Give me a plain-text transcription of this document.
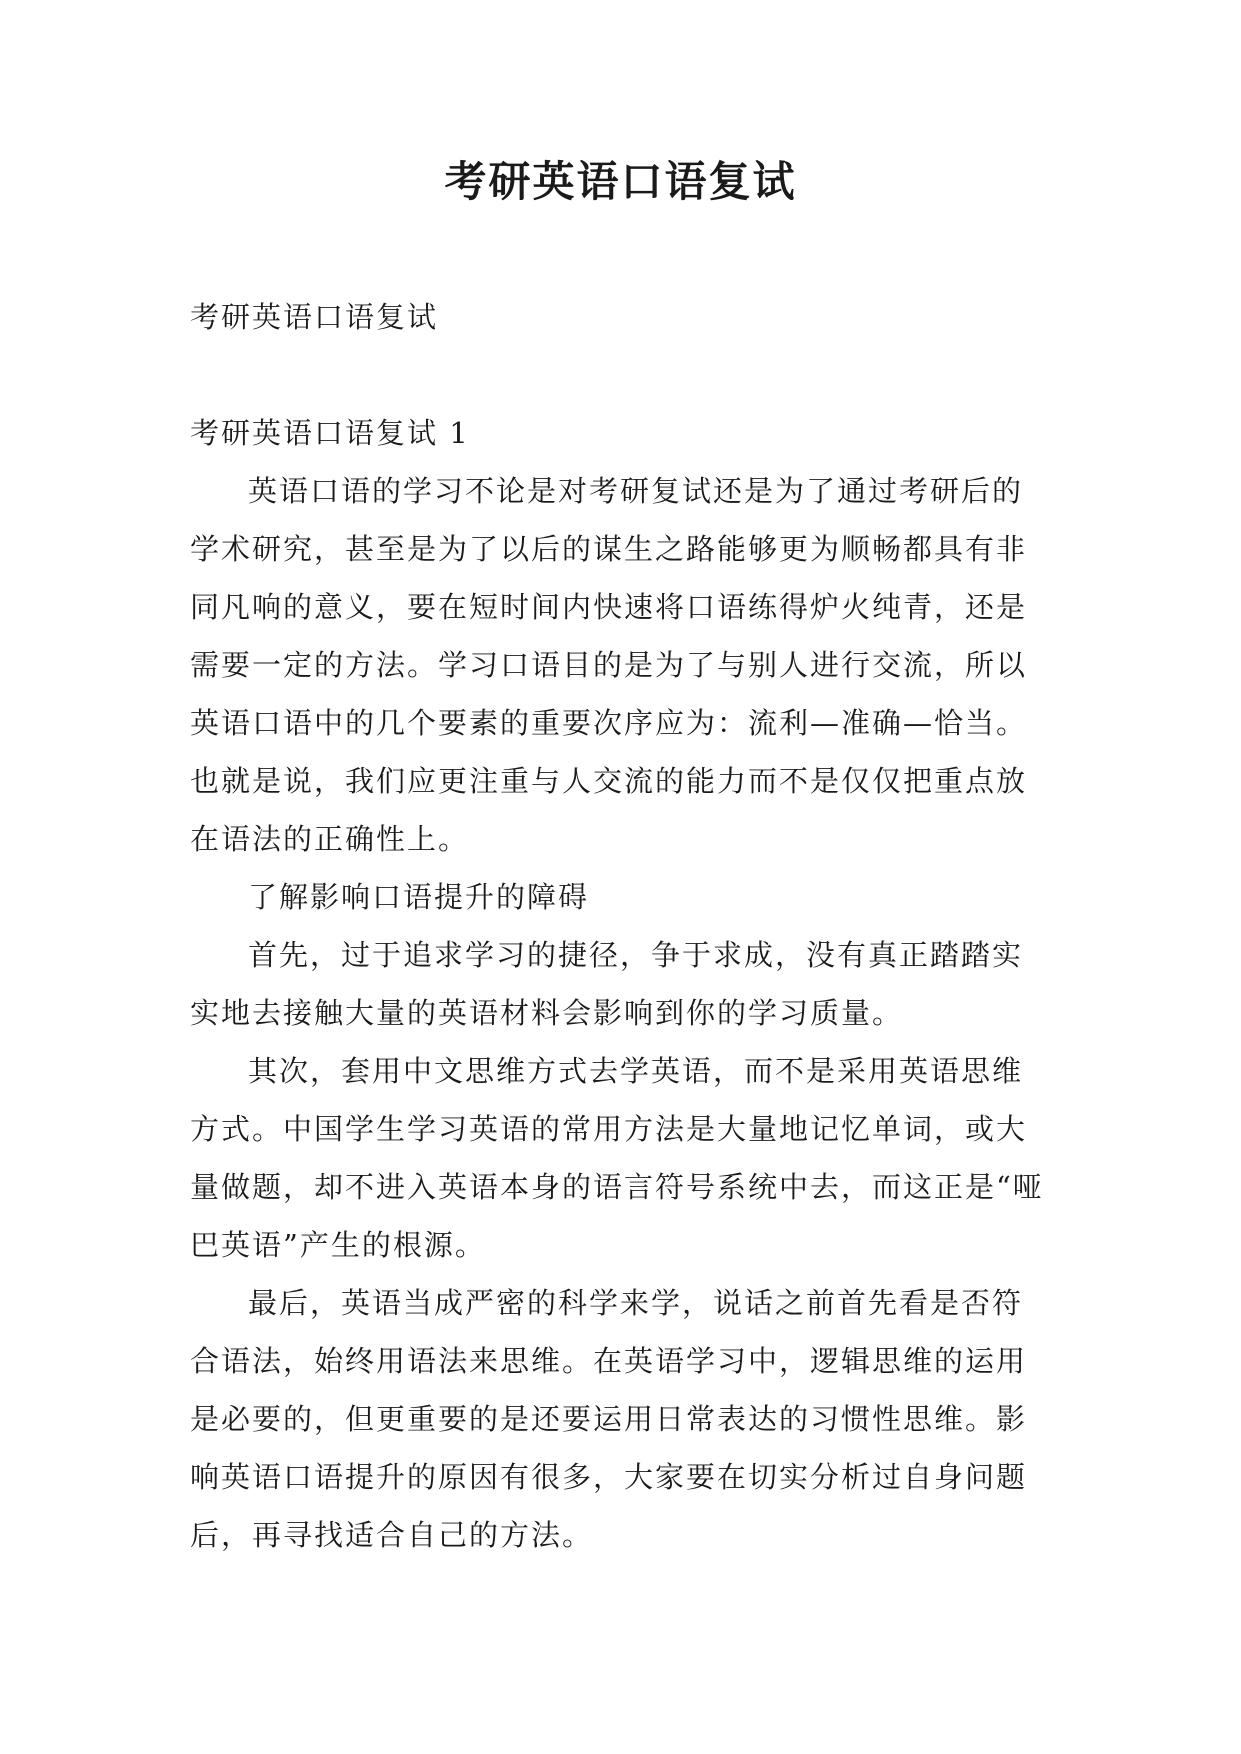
考研英语口语复试

考研英语口语复试

考研英语口语复试 1

英语口语的学习不论是对考研复试还是为了通过考研后的学术研究，甚至是为了以后的谋生之路能够更为顺畅都具有非同凡响的意义，要在短时间内快速将口语练得炉火纯青，还是需要一定的方法。学习口语目的是为了与别人进行交流，所以英语口语中的几个要素的重要次序应为：流利—准确—恰当。也就是说，我们应更注重与人交流的能力而不是仅仅把重点放在语法的正确性上。

了解影响口语提升的障碍

首先，过于追求学习的捷径，争于求成，没有真正踏踏实实地去接触大量的英语材料会影响到你的学习质量。

其次，套用中文思维方式去学英语，而不是采用英语思维方式。中国学生学习英语的常用方法是大量地记忆单词，或大量做题，却不进入英语本身的语言符号系统中去，而这正是“哑巴英语”产生的根源。

最后，英语当成严密的科学来学，说话之前首先看是否符合语法，始终用语法来思维。在英语学习中，逻辑思维的运用是必要的，但更重要的是还要运用日常表达的习惯性思维。影响英语口语提升的原因有很多，大家要在切实分析过自身问题后，再寻找适合自己的方法。
